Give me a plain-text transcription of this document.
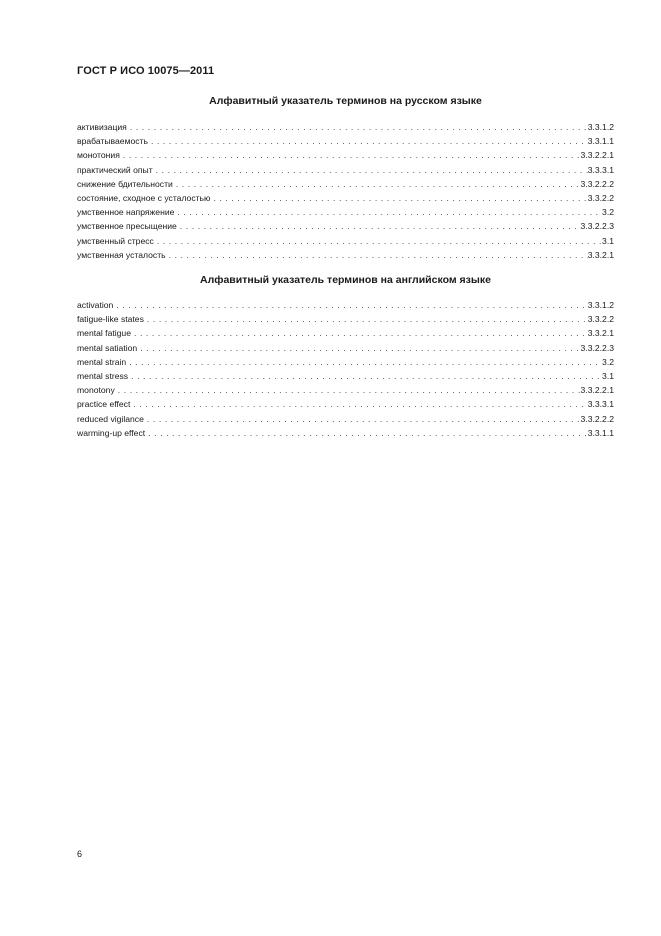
ГОСТ Р ИСО 10075—2011
Алфавитный указатель терминов на русском языке
активизация . . .	3.3.1.2
врабатываемость . . .	3.3.1.1
монотония . . .	3.3.2.2.1
практический опыт . . .	3.3.3.1
снижение бдительности . . .	3.3.2.2.2
состояние, сходное с усталостью . . .	3.3.2.2
умственное напряжение . . .	3.2
умственное пресыщение . . .	3.3.2.2.3
умственный стресс . . .	3.1
умственная усталость . . .	3.3.2.1
Алфавитный указатель терминов на английском языке
activation . . .	3.3.1.2
fatigue-like states . . .	3.3.2.2
mental fatigue . . .	3.3.2.1
mental satiation . . .	3.3.2.2.3
mental strain . . .	3.2
mental stress . . .	3.1
monotony . . .	3.3.2.2.1
practice effect . . .	3.3.3.1
reduced vigilance . . .	3.3.2.2.2
warming-up effect . . .	3.3.1.1
6
